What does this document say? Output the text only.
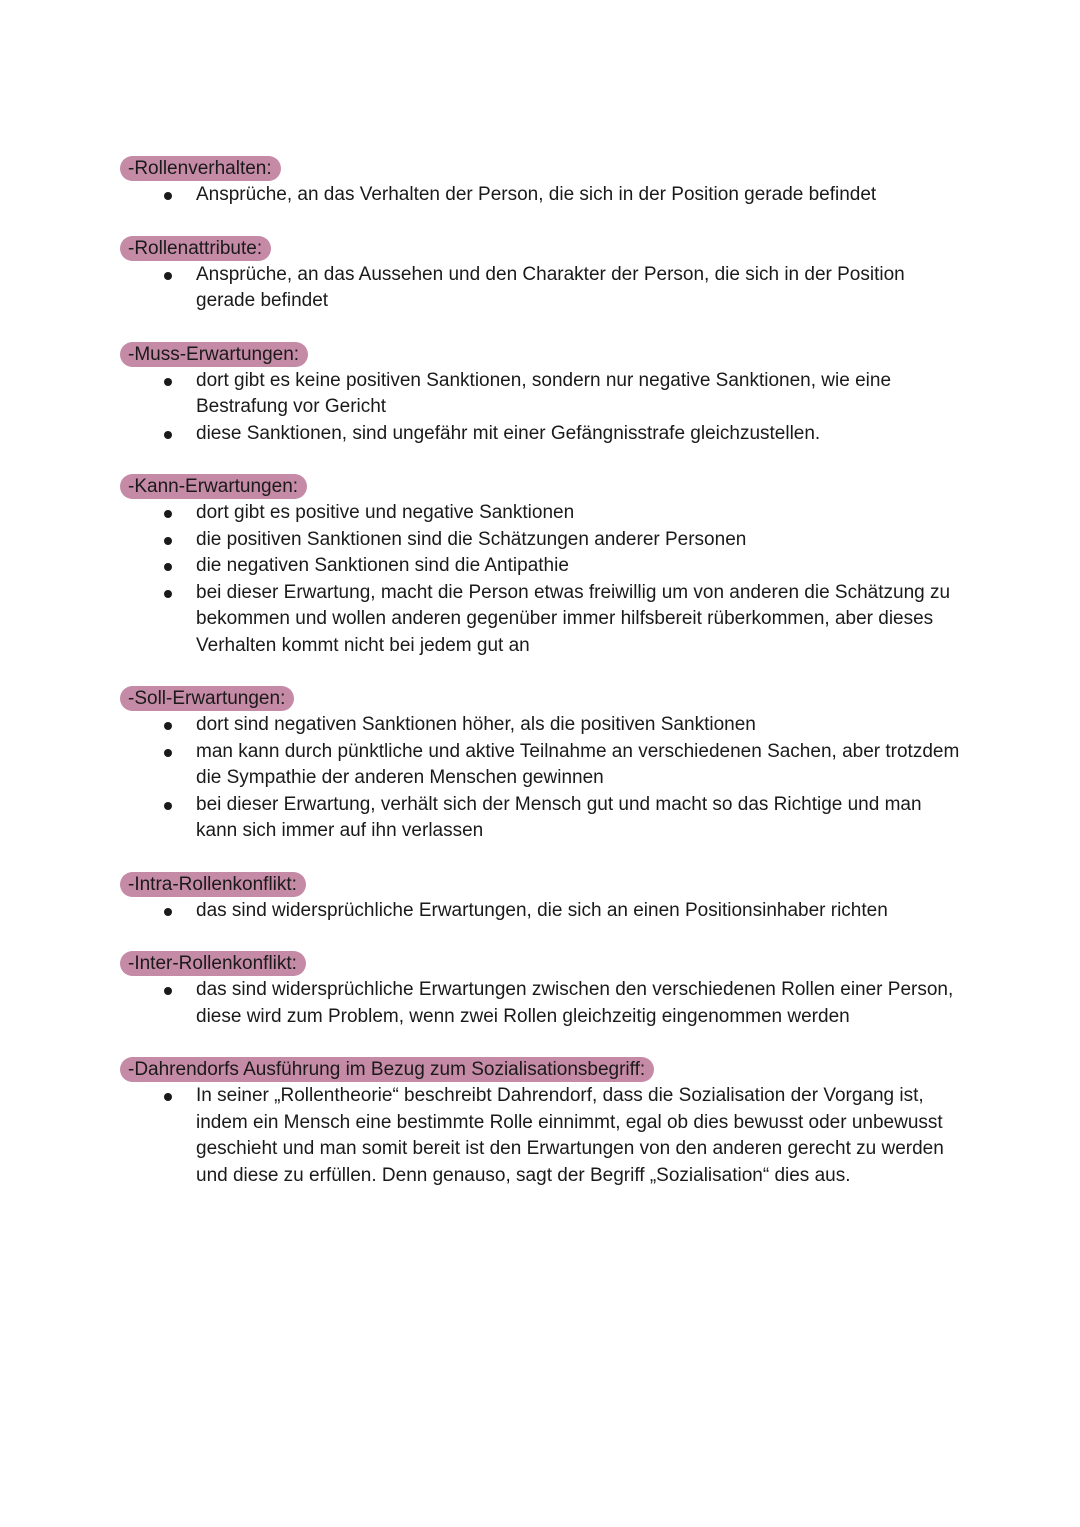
-Rollenverhalten:
Ansprüche, an das Verhalten der Person, die sich in der Position gerade befindet
-Rollenattribute:
Ansprüche, an das Aussehen und den Charakter der Person, die sich in der Position gerade befindet
-Muss-Erwartungen:
dort gibt es keine positiven Sanktionen, sondern nur negative Sanktionen, wie eine Bestrafung vor Gericht
diese Sanktionen, sind ungefähr mit einer Gefängnisstrafe gleichzustellen.
-Kann-Erwartungen:
dort gibt es positive und negative Sanktionen
die positiven Sanktionen sind die Schätzungen anderer Personen
die negativen Sanktionen sind die Antipathie
bei dieser Erwartung, macht die Person etwas freiwillig um von anderen die Schätzung zu bekommen und wollen anderen gegenüber immer hilfsbereit rüberkommen, aber dieses Verhalten kommt nicht bei jedem gut an
-Soll-Erwartungen:
dort sind negativen Sanktionen höher, als die positiven Sanktionen
man kann durch pünktliche und aktive Teilnahme an verschiedenen Sachen, aber trotzdem die Sympathie der anderen Menschen gewinnen
bei dieser Erwartung, verhält sich der Mensch gut und macht so das Richtige und man kann sich immer auf ihn verlassen
-Intra-Rollenkonflikt:
das sind widersprüchliche Erwartungen, die sich an einen Positionsinhaber richten
-Inter-Rollenkonflikt:
das sind widersprüchliche Erwartungen zwischen den verschiedenen Rollen einer Person, diese wird zum Problem, wenn zwei Rollen gleichzeitig eingenommen werden
-Dahrendorfs Ausführung im Bezug zum Sozialisationsbegriff:
In seiner „Rollentheorie“ beschreibt Dahrendorf, dass die Sozialisation der Vorgang ist, indem ein Mensch eine bestimmte Rolle einnimmt, egal ob dies bewusst oder unbewusst geschieht und man somit bereit ist den Erwartungen von den anderen gerecht zu werden und diese zu erfüllen. Denn genauso, sagt der Begriff „Sozialisation“ dies aus.
